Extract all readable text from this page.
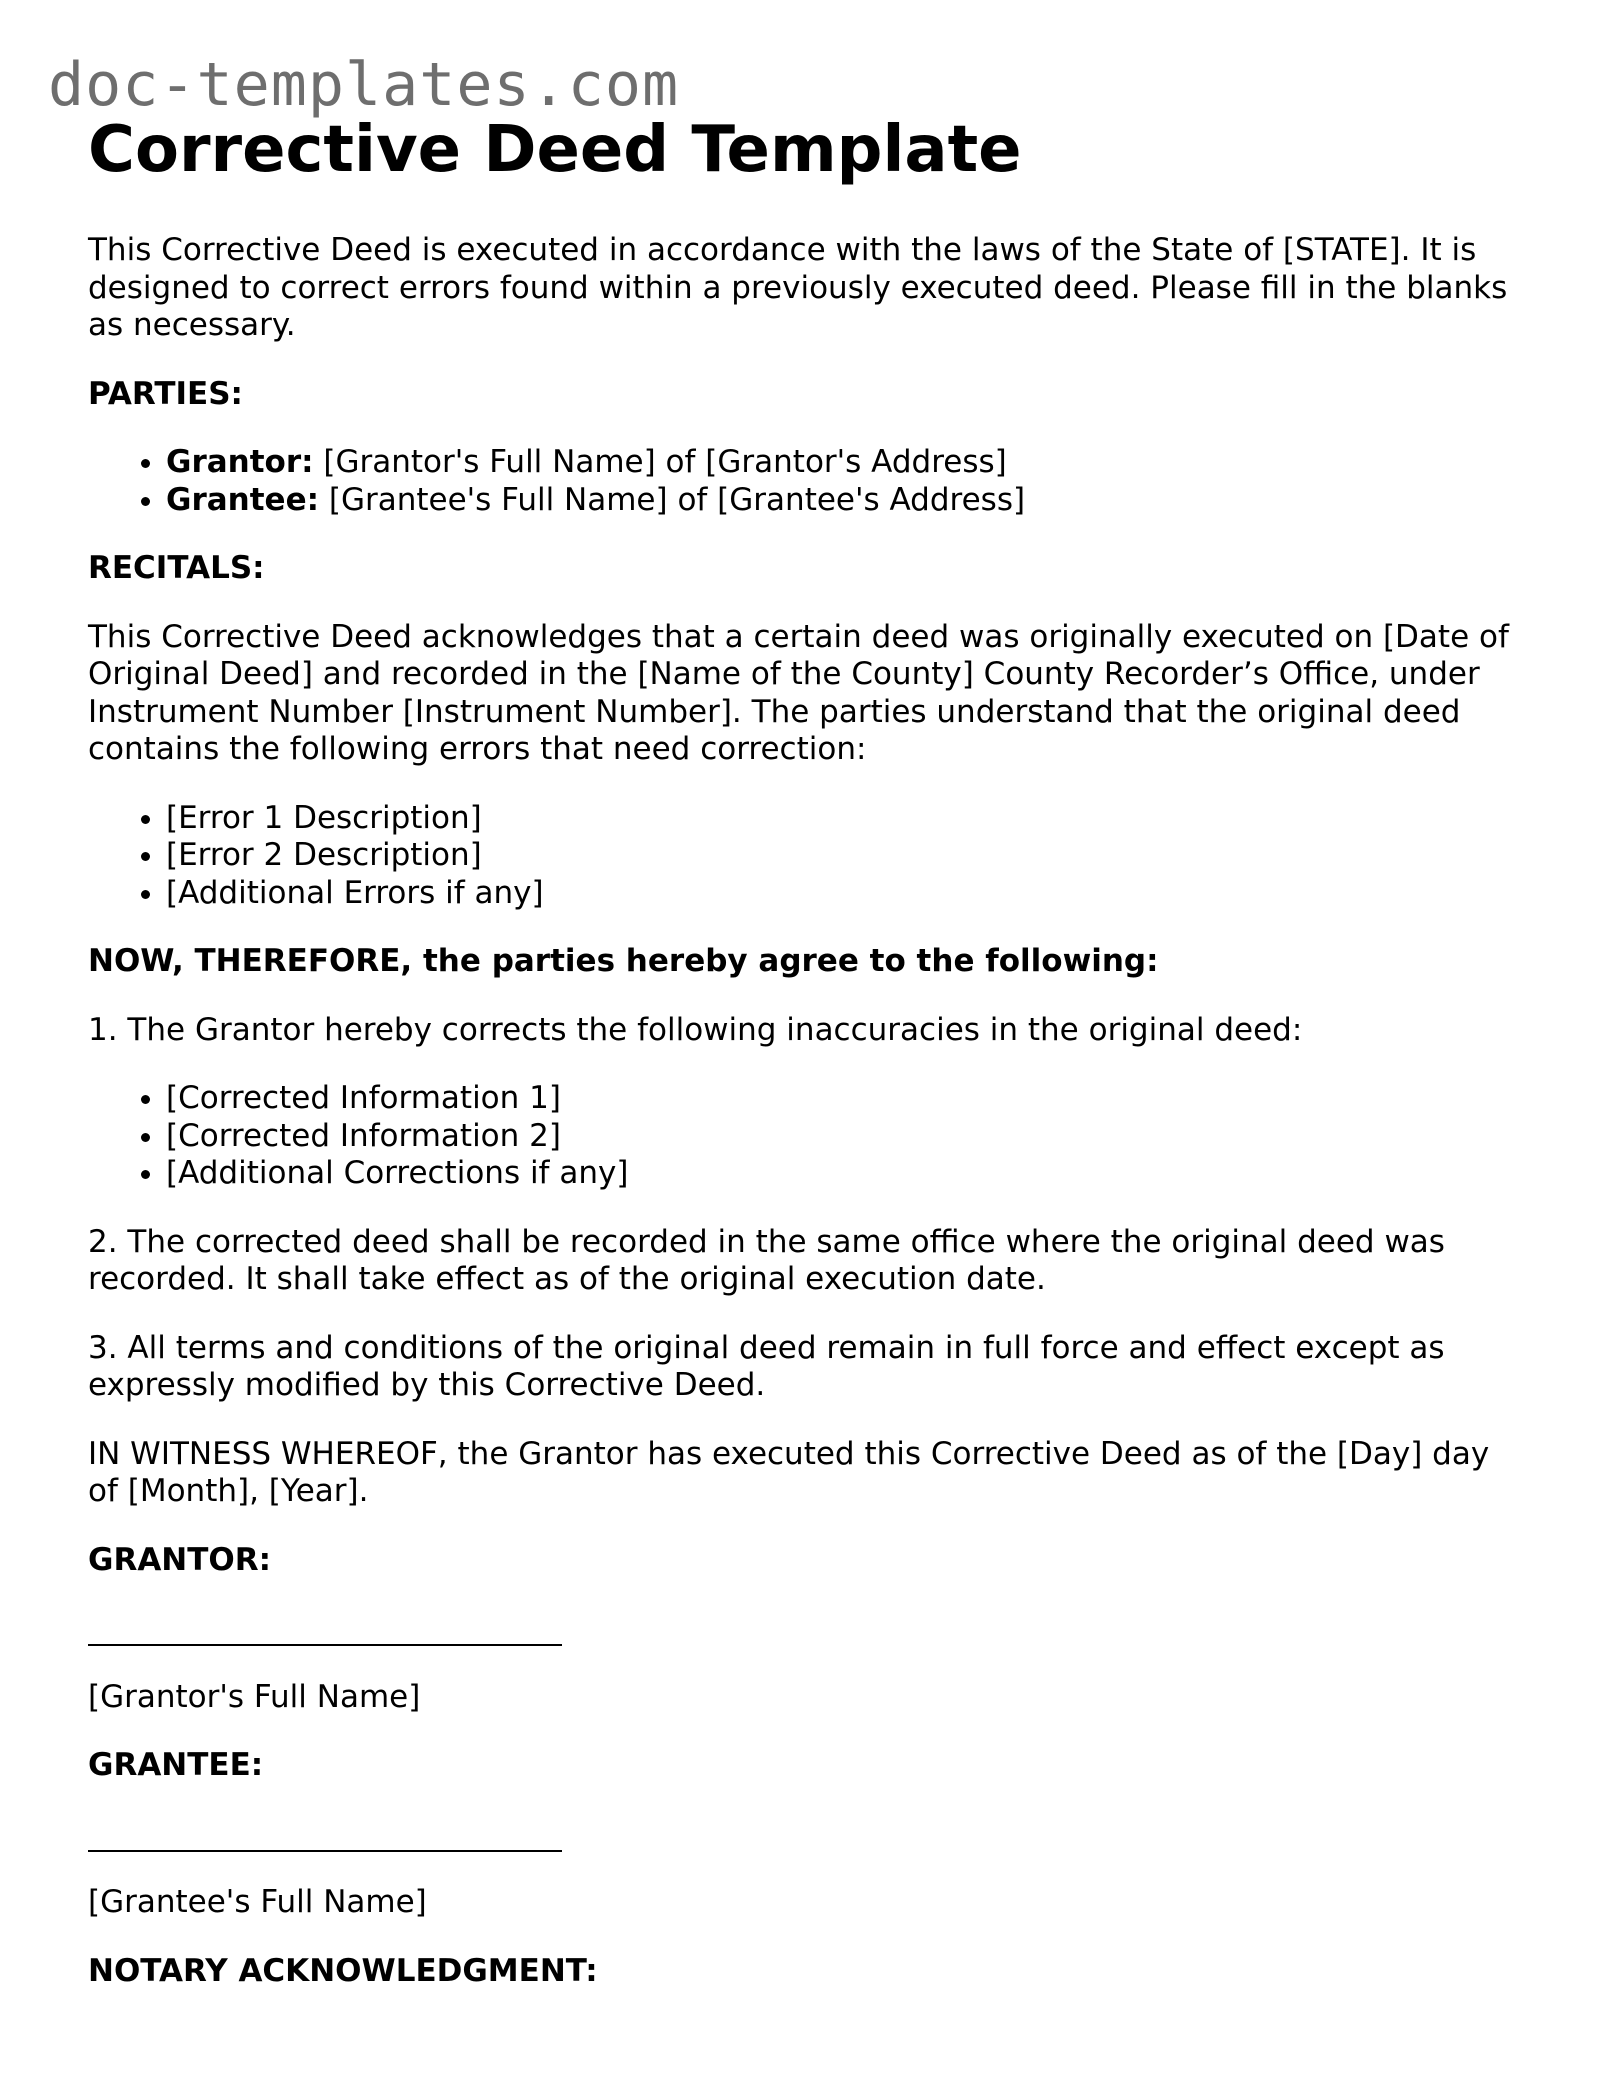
doc-templates.com
Corrective Deed Template

This Corrective Deed is executed in accordance with the laws of the State of [STATE]. It is designed to correct errors found within a previously executed deed. Please fill in the blanks as necessary.

PARTIES:
• Grantor: [Grantor's Full Name] of [Grantor's Address]
• Grantee: [Grantee's Full Name] of [Grantee's Address]
RECITALS:

This Corrective Deed acknowledges that a certain deed was originally executed on [Date of Original Deed] and recorded in the [Name of the County] County Recorder’s Office, under Instrument Number [Instrument Number]. The parties understand that the original deed contains the following errors that need correction:

• [Error 1 Description]
• [Error 2 Description]
• [Additional Errors if any]
NOW, THEREFORE, the parties hereby agree to the following:

1. The Grantor hereby corrects the following inaccuracies in the original deed:

• [Corrected Information 1]
• [Corrected Information 2]
• [Additional Corrections if any]

2. The corrected deed shall be recorded in the same office where the original deed was recorded. It shall take effect as of the original execution date.

3. All terms and conditions of the original deed remain in full force and effect except as expressly modified by this Corrective Deed.

IN WITNESS WHEREOF, the Grantor has executed this Corrective Deed as of the [Day] day of [Month], [Year].

GRANTOR:

[Grantor's Full Name]

GRANTEE:

[Grantee's Full Name]

NOTARY ACKNOWLEDGMENT:
